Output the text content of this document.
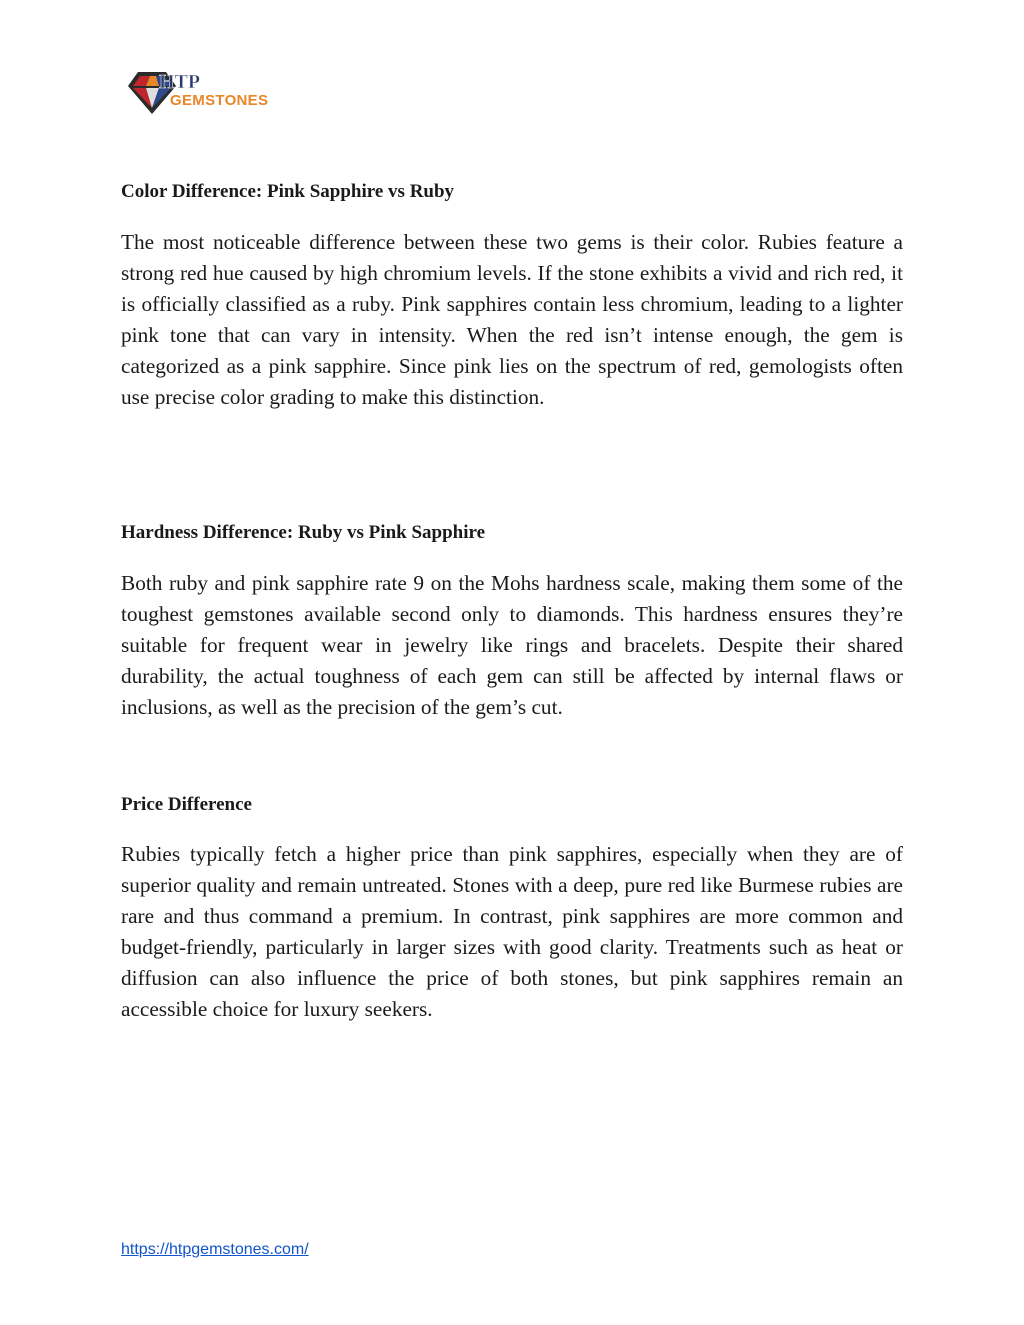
HTP
GEMSTONES
Color Difference: Pink Sapphire vs Ruby

The most noticeable difference between these two gems is their color. Rubies feature a strong red hue caused by high chromium levels. If the stone exhibits a vivid and rich red, it is officially classified as a ruby. Pink sapphires contain less chromium, leading to a lighter pink tone that can vary in intensity. When the red isn’t intense enough, the gem is categorized as a pink sapphire. Since pink lies on the spectrum of red, gemologists often use precise color grading to make this distinction.

Hardness Difference: Ruby vs Pink Sapphire

Both ruby and pink sapphire rate 9 on the Mohs hardness scale, making them some of the toughest gemstones available second only to diamonds. This hardness ensures they’re suitable for frequent wear in jewelry like rings and bracelets. Despite their shared durability, the actual toughness of each gem can still be affected by internal flaws or inclusions, as well as the precision of the gem’s cut.

Price Difference

Rubies typically fetch a higher price than pink sapphires, especially when they are of superior quality and remain untreated. Stones with a deep, pure red like Burmese rubies are rare and thus command a premium. In contrast, pink sapphires are more common and budget-friendly, particularly in larger sizes with good clarity. Treatments such as heat or diffusion can also influence the price of both stones, but pink sapphires remain an accessible choice for luxury seekers.

https://htpgemstones.com/
